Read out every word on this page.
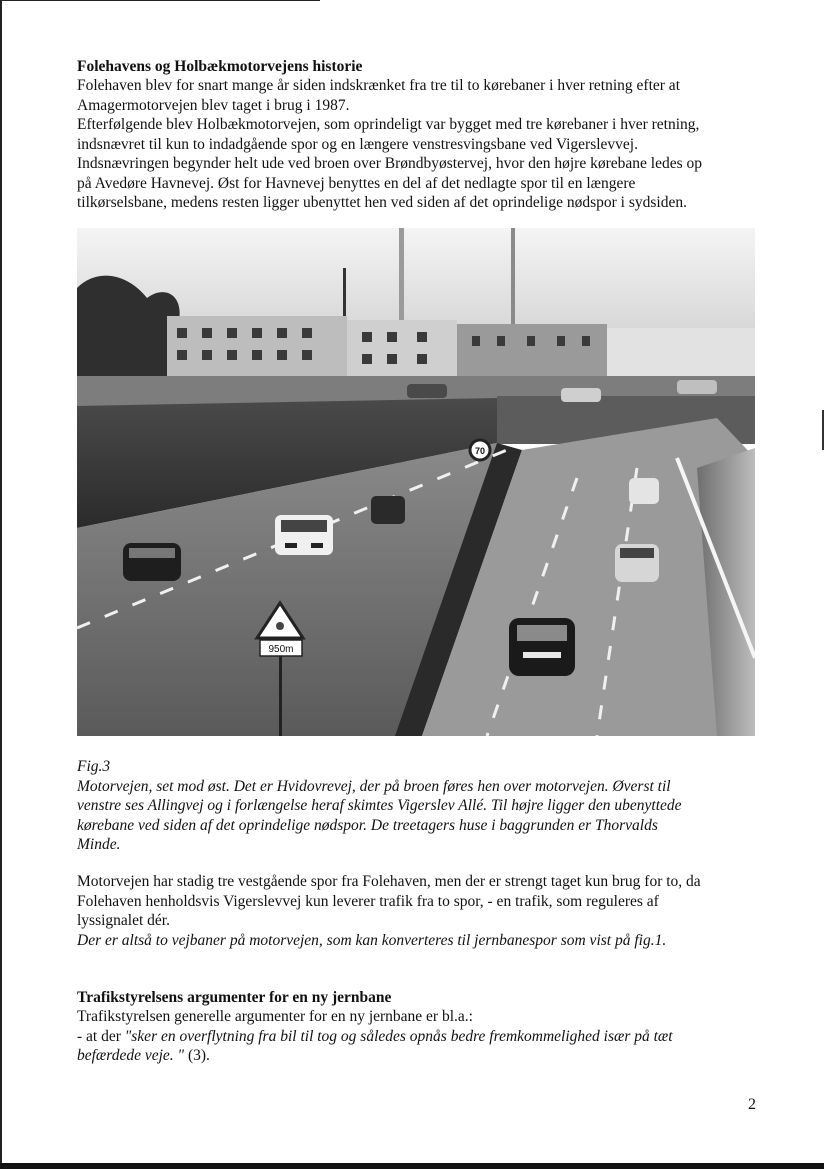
Folehavens og Holbækmotorvejens historie

Folehaven blev for snart mange år siden indskrænket fra tre til to kørebaner i hver retning efter at

Amagermotorvejen blev taget i brug i 1987.

Efterfølgende blev Holbækmotorvejen, som oprindeligt var bygget med tre kørebaner i hver retning,

indsnævret til kun to indadgående spor og en længere venstresvingsbane ved Vigerslevvej.

Indsnævringen begynder helt ude ved broen over Brøndbyøstervej, hvor den højre kørebane ledes op

på Avedøre Havnevej. Øst for Havnevej benyttes en del af det nedlagte spor til en længere

tilkørselsbane, medens resten ligger ubenyttet hen ved siden af det oprindelige nødspor i sydsiden.

70
950m

Fig.3

Motorvejen, set mod øst. Det er Hvidovrevej, der på broen føres hen over motorvejen. Øverst til

venstre ses Allingvej og i forlængelse heraf skimtes Vigerslev Allé. Til højre ligger den ubenyttede

kørebane ved siden af det oprindelige nødspor. De treetagers huse i baggrunden er Thorvalds

Minde.

Motorvejen har stadig tre vestgående spor fra Folehaven, men der er strengt taget kun brug for to, da

Folehaven henholdsvis Vigerslevvej kun leverer trafik fra to spor, - en trafik, som reguleres af

lyssignalet dér.

Der er altså to vejbaner på motorvejen, som kan konverteres til jernbanespor som vist på fig.1.

Trafikstyrelsens argumenter for en ny jernbane

Trafikstyrelsen generelle argumenter for en ny jernbane er bl.a.:

- at der "sker en overflytning fra bil til tog og således opnås bedre fremkommelighed især på tæt

befærdede veje. " (3).

2
